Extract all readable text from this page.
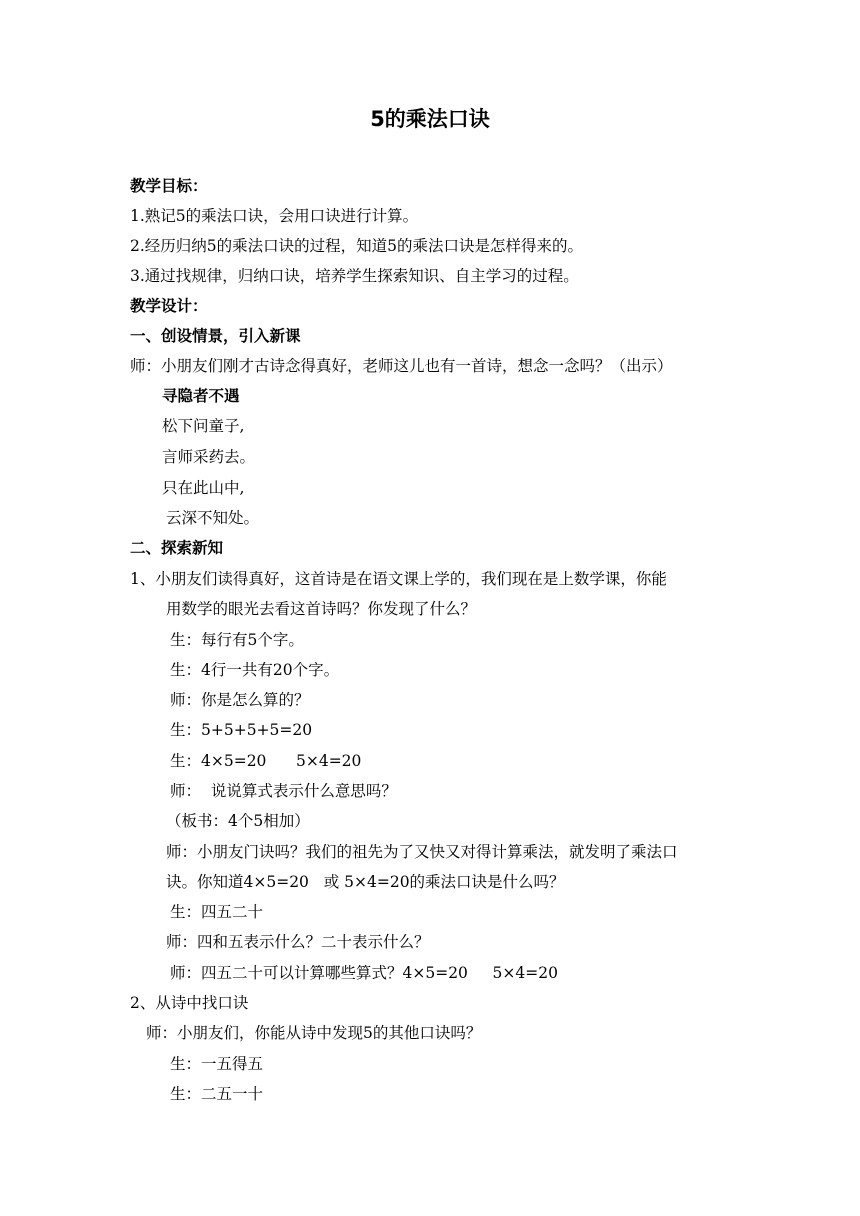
5的乘法口诀

教学目标：

1.熟记5的乘法口诀，会用口诀进行计算。

2.经历归纳5的乘法口诀的过程，知道5的乘法口诀是怎样得来的。

3.通过找规律，归纳口诀，培养学生探索知识、自主学习的过程。

教学设计：

一、创设情景，引入新课

师：小朋友们刚才古诗念得真好，老师这儿也有一首诗，想念一念吗？（出示）

寻隐者不遇

松下问童子,

言师采药去。

只在此山中,

云深不知处。

二、探索新知

1、小朋友们读得真好，这首诗是在语文课上学的，我们现在是上数学课，你能

用数学的眼光去看这首诗吗？你发现了什么？

生：每行有5个字。

生：4行一共有20个字。

师：你是怎么算的？

生：5+5+5+5=20

生：4×5=20      5×4=20

师：  说说算式表示什么意思吗？

（板书：4个5相加）

师：小朋友门诀吗？我们的祖先为了又快又对得计算乘法，就发明了乘法口

诀。你知道4×5=20   或 5×4=20的乘法口诀是什么吗？

生：四五二十

师：四和五表示什么？二十表示什么？

师：四五二十可以计算哪些算式？4×5=20     5×4=20

2、从诗中找口诀

师：小朋友们，你能从诗中发现5的其他口诀吗？

生：一五得五

生：二五一十
